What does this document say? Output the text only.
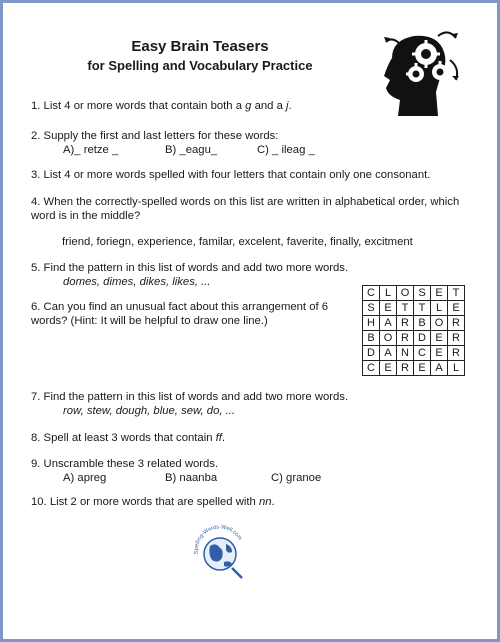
Easy Brain Teasers
for Spelling and Vocabulary Practice
1. List 4 or more words that contain both a g and a j.
2. Supply the first and last letters for these words:
A)_ retze _	B) _eagu_	C) _ ileag _
3. List 4 or more words spelled with four letters that contain only one consonant.
4. When the correctly-spelled words on this list are written in alphabetical order, which
word is in the middle?
friend, foriegn, experience, familar, excelent, faverite, finally, excitment
5. Find the pattern in this list of words and add two more words.
domes, dimes, dikes, likes, ...
6. Can you find an unusual fact about this arrangement of 6
words? (Hint: It will be helpful to draw one line.)
C	L	O	S	E	T
S	E	T	T	L	E
H	A	R	B	O	R
B	O	R	D	E	R
D	A	N	C	E	R
C	E	R	E	A	L
7. Find the pattern in this list of words and add two more words.
row, stew, dough, blue, sew, do, ...
8. Spell at least 3 words that contain ff.
9. Unscramble these 3 related words.
A) apreg	B) naanba	C) granoe
10. List 2 or more words that are spelled with nn.
Spelling-Words-Well.com
